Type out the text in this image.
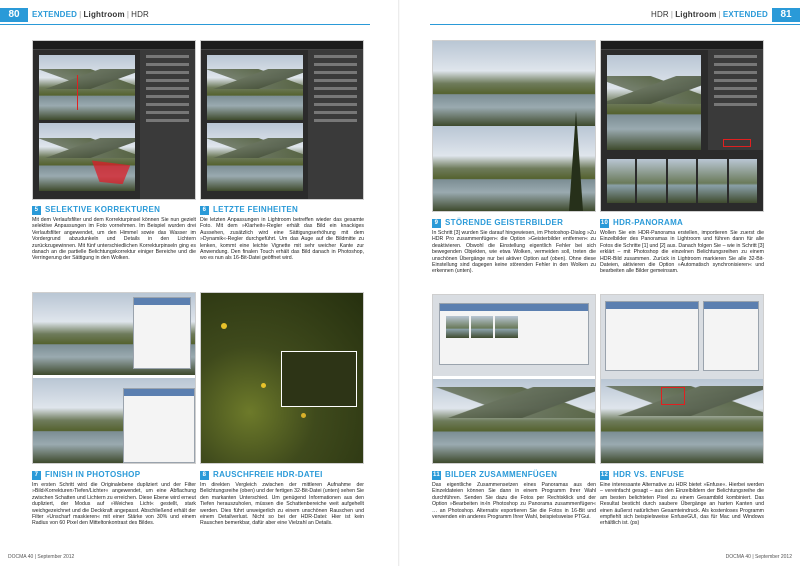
80	EXTENDED | Lightroom | HDR
5 SELEKTIVE KORREKTUREN
Mit dem Verlaufsfilter und dem Korrekturpinsel können Sie nun gezielt selektive Anpassungen im Foto vornehmen. Im Beispiel wurden drei Verlaufsfilter angewendet, um den Himmel sowie das Wasser im Vordergrund abzudunkeln und Details in den Lichtern zurückzugewinnen. Mit fünf unterschiedlichen Korrekturpinseln ging es danach an die partielle Belichtungskorrektur einiger Bereiche und die Verringerung der Sättigung in den Wolken.
6 LETZTE FEINHEITEN
Die letzten Anpassungen in Lightroom betreffen wieder das gesamte Foto. Mit dem »Klarheit«-Regler erhält das Bild ein knackiges Aussehen, zusätzlich wird eine Sättigungserhöhung mit dem »Dynamik«-Regler durchgeführt. Um das Auge auf die Bildmitte zu lenken, kommt eine leichte Vignette mit sehr weicher Kante zur Anwendung. Den finalen Touch erhält das Bild danach in Photoshop, wo es nun als 16-Bit-Datei geöffnet wird.
7 FINISH IN PHOTOSHOP
Im ersten Schritt wird die Originalebene dupliziert und der Filter »Bild›Korrekturen›Tiefen/Lichter« angewendet, um eine Abflachung zwischen Schatten und Lichtern zu erreichen. Diese Ebene wird erneut dupliziert, der Modus auf »Weiches Licht« gestellt, stark weichgezeichnet und die Deckkraft angepasst. Abschließend erhält der Filter »Unscharf maskieren« mit einer Stärke von 30% und einem Radius von 60 Pixel den Mitteltonkontrast des Bildes.
8 RAUSCHFREIE HDR-DATEI
Im direkten Vergleich zwischen der mittleren Aufnahme der Belichtungsreihe (oben) und der fertigen 32-Bit-Datei (unten) sehen Sie den markanten Unterschied. Um genügend Informationen aus den Tiefen herauszuholen, müssen die Schattenbereiche weit aufgehellt werden. Dies führt unweigerlich zu einem unschönen Rauschen und einem Detailverlust. Nicht so bei der HDR-Datei: Hier ist kein Rauschen bemerkbar, dafür aber eine Vielzahl an Details.
DOCMA 40 | September 2012
81
HDR | Lightroom | EXTENDED
9 STÖRENDE GEISTERBILDER
In Schritt [3] wurden Sie darauf hingewiesen, im Photoshop-Dialog »Zu HDR Pro zusammenfügen« die Option »Geisterbilder entfernen« zu deaktivieren. Obwohl die Einstellung eigentlich Fehler bei sich bewegenden Objekten, wie etwa Wolken, vermeiden soll, treten die unschönen Übergänge nur bei aktiver Option auf (oben). Ohne diese Einstellung sind dagegen keine störenden Fehler in den Wolken zu erkennen (unten).
10 HDR-PANORAMA
Wollen Sie ein HDR-Panorama erstellen, importieren Sie zuerst die Einzelbilder des Panoramas in Lightroom und führen dann für alle Fotos die Schritte [1] und [2] aus. Danach folgen Sie – wie in Schritt [3] erklärt – mit Photoshop die einzelnen Belichtungsreihen zu einem HDR-Bild zusammen. Zurück in Lightroom markieren Sie alle 32-Bit-Dateien, aktivieren die Option »Automatisch synchronisieren« und bearbeiten alle Bilder gemeinsam.
11 BILDER ZUSAMMENFÜGEN
Das eigentliche Zusammensetzen eines Panoramas aus den Einzeldateien können Sie dann in einem Programm Ihrer Wahl durchführen. Senden Sie dazu die Fotos per Rechtsklick und der Option »Bearbeiten in›In Photoshop zu Panorama zusammenfügen« … an Photoshop. Alternativ exportieren Sie die Fotos in 16-Bit und verwenden ein anderes Programm Ihrer Wahl, beispielsweise PTGui.
12 HDR VS. ENFUSE
Eine interessante Alternative zu HDR bietet »Enfuse«. Hierbei werden – vereinfacht gesagt – aus den Einzelbildern der Belichtungsreihe die am besten belichteten Pixel zu einem Gesamtbild kombiniert. Das Resultat besticht durch saubere Übergänge an harten Kanten und einen äußerst natürlichen Gesamteindruck. Als kostenloses Programm empfiehlt sich beispielsweise EnfuseGUI, das für Mac und Windows erhältlich ist. (ps)
DOCMA 40 | September 2012
